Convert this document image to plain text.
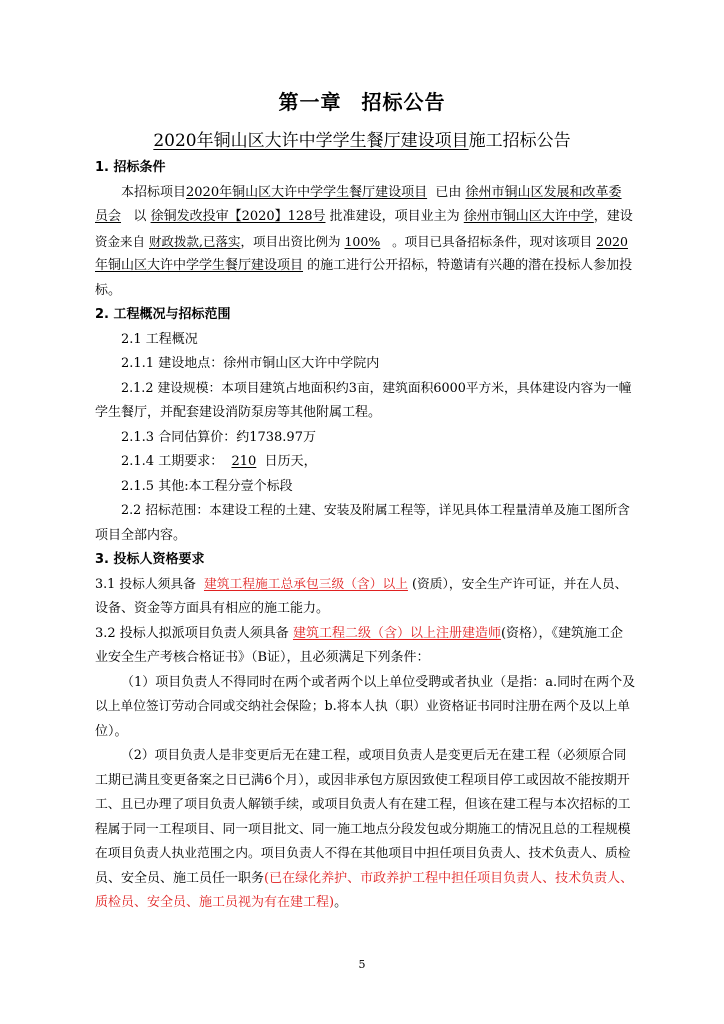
第一章 招标公告
2020年铜山区大许中学学生餐厅建设项目施工招标公告
1. 招标条件
本招标项目2020年铜山区大许中学学生餐厅建设项目 已由 徐州市铜山区发展和改革委
员会 以 徐铜发改投审【2020】128号 批准建设，项目业主为 徐州市铜山区大许中学，建设
资金来自 财政拨款,已落实，项目出资比例为 100% 。项目已具备招标条件，现对该项目 2020
年铜山区大许中学学生餐厅建设项目 的施工进行公开招标，特邀请有兴趣的潜在投标人参加投
标。
2. 工程概况与招标范围
2.1 工程概况
2.1.1 建设地点：徐州市铜山区大许中学院内
2.1.2 建设规模：本项目建筑占地面积约3亩，建筑面积6000平方米，具体建设内容为一幢
学生餐厅，并配套建设消防泵房等其他附属工程。
2.1.3 合同估算价：约1738.97万
2.1.4 工期要求： 210 日历天，
2.1.5 其他:本工程分壹个标段
2.2 招标范围：本建设工程的土建、安装及附属工程等，详见具体工程量清单及施工图所含
项目全部内容。
3. 投标人资格要求
3.1 投标人须具备 建筑工程施工总承包三级（含）以上 (资质），安全生产许可证，并在人员、
设备、资金等方面具有相应的施工能力。
3.2 投标人拟派项目负责人须具备 建筑工程二级（含）以上注册建造师(资格），《建筑施工企
业安全生产考核合格证书》（B证），且必须满足下列条件：
（1）项目负责人不得同时在两个或者两个以上单位受聘或者执业（是指：a.同时在两个及
以上单位签订劳动合同或交纳社会保险；b.将本人执（职）业资格证书同时注册在两个及以上单
位）。
（2）项目负责人是非变更后无在建工程，或项目负责人是变更后无在建工程（必须原合同
工期已满且变更备案之日已满6个月），或因非承包方原因致使工程项目停工或因故不能按期开
工、且已办理了项目负责人解锁手续，或项目负责人有在建工程，但该在建工程与本次招标的工
程属于同一工程项目、同一项目批文、同一施工地点分段发包或分期施工的情况且总的工程规模
在项目负责人执业范围之内。项目负责人不得在其他项目中担任项目负责人、技术负责人、质检
员、安全员、施工员任一职务(已在绿化养护、市政养护工程中担任项目负责人、技术负责人、
质检员、安全员、施工员视为有在建工程)。
5
